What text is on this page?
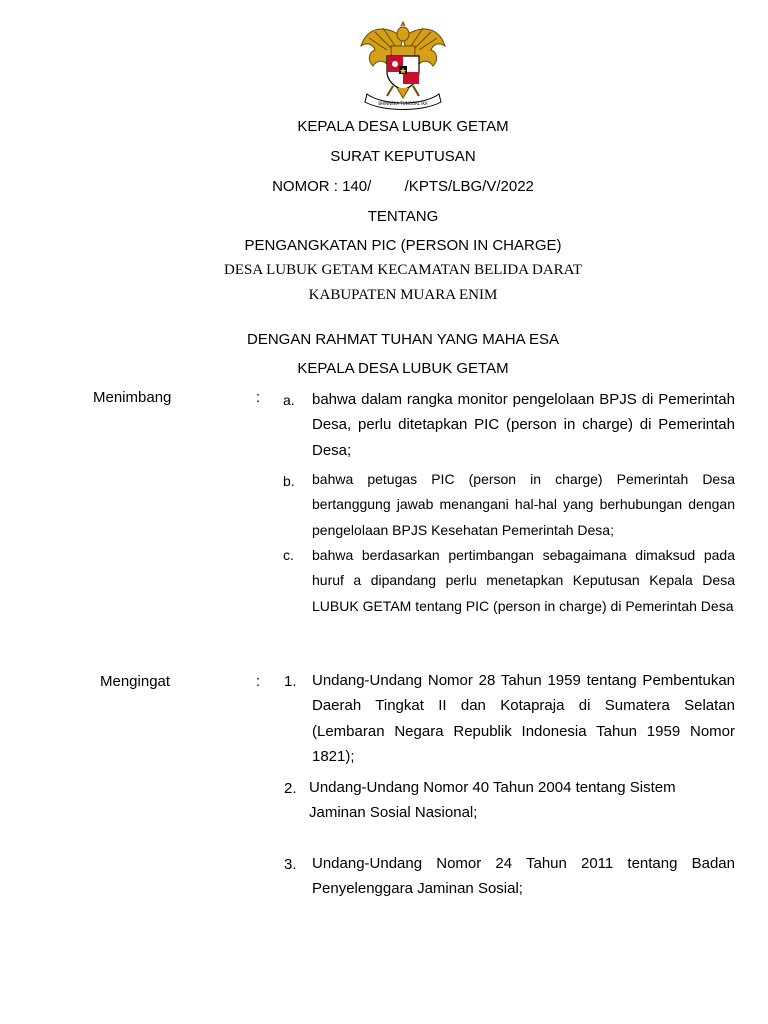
BHINNEKA TUNGGAL IKA
KEPALA DESA LUBUK GETAM
SURAT KEPUTUSAN
NOMOR : 140/ /KPTS/LBG/V/2022
TENTANG
PENGANGKATAN PIC (PERSON IN CHARGE)
DESA LUBUK GETAM KECAMATAN BELIDA DARAT
KABUPATEN MUARA ENIM
DENGAN RAHMAT TUHAN YANG MAHA ESA
KEPALA DESA LUBUK GETAM
Menimbang	: a. bahwa dalam rangka monitor pengelolaan BPJS di Pemerintah Desa, perlu ditetapkan PIC (person in charge) di Pemerintah Desa;
b. bahwa petugas PIC (person in charge) Pemerintah Desa bertanggung jawab menangani hal-hal yang berhubungan dengan pengelolaan BPJS Kesehatan Pemerintah Desa;
c. bahwa berdasarkan pertimbangan sebagaimana dimaksud pada huruf a dipandang perlu menetapkan Keputusan Kepala Desa LUBUK GETAM tentang PIC (person in charge) di Pemerintah Desa
Mengingat	: 1. Undang-Undang Nomor 28 Tahun 1959 tentang Pembentukan Daerah Tingkat II dan Kotapraja di Sumatera Selatan (Lembaran Negara Republik Indonesia Tahun 1959 Nomor 1821);
2. Undang-Undang Nomor 40 Tahun 2004 tentang Sistem Jaminan Sosial Nasional;
3. Undang-Undang Nomor 24 Tahun 2011 tentang Badan Penyelenggara Jaminan Sosial;
